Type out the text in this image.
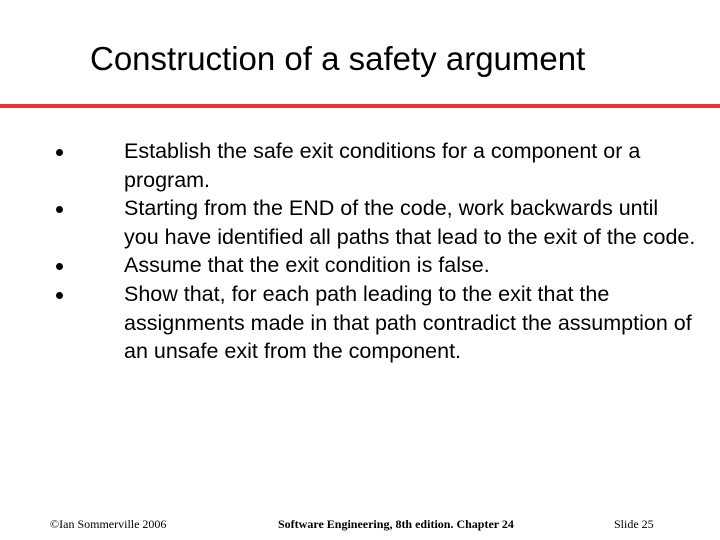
Construction of a safety argument
Establish the safe exit conditions for a component or a program.
Starting from the END of the code, work backwards until you have identified all paths that lead to the exit of the code.
Assume that the exit condition is false.
Show that, for each path leading to the exit that the assignments made in that path contradict the assumption of an unsafe exit from the component.
©Ian Sommerville 2006	Software Engineering, 8th edition. Chapter 24	Slide 25
